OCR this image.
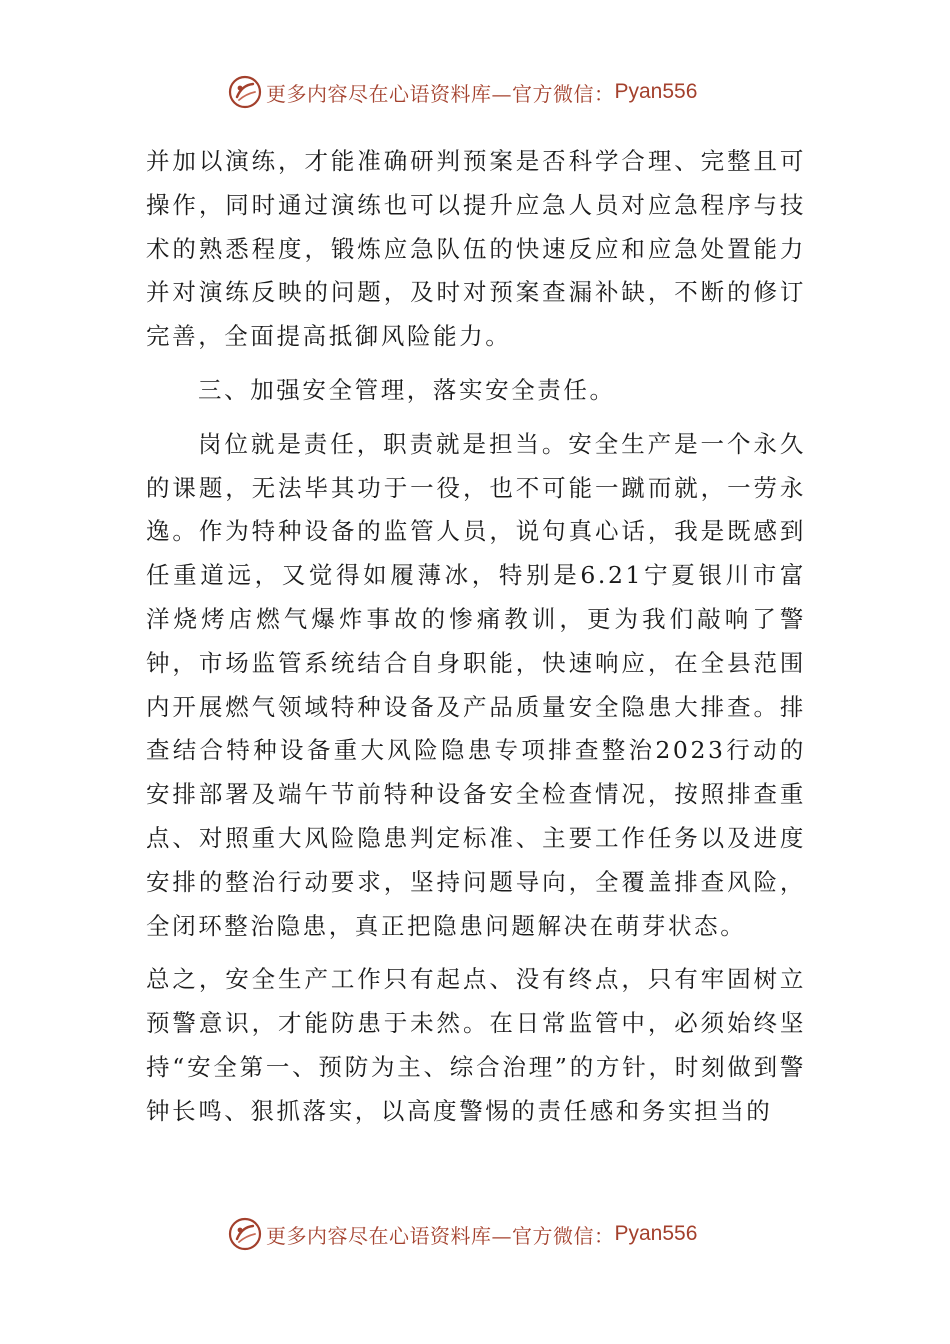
更多内容尽在心语资料库—官方微信： Pyan556

并加以演练，才能准确研判预案是否科学合理、完整且可操作，同时通过演练也可以提升应急人员对应急程序与技术的熟悉程度，锻炼应急队伍的快速反应和应急处置能力并对演练反映的问题，及时对预案查漏补缺，不断的修订完善，全面提高抵御风险能力。

三、加强安全管理，落实安全责任。

岗位就是责任，职责就是担当。安全生产是一个永久的课题，无法毕其功于一役，也不可能一蹴而就，一劳永逸。作为特种设备的监管人员，说句真心话，我是既感到任重道远，又觉得如履薄冰，特别是6.21宁夏银川市富洋烧烤店燃气爆炸事故的惨痛教训，更为我们敲响了警钟，市场监管系统结合自身职能，快速响应，在全县范围内开展燃气领域特种设备及产品质量安全隐患大排查。排查结合特种设备重大风险隐患专项排查整治2023行动的安排部署及端午节前特种设备安全检查情况，按照排查重点、对照重大风险隐患判定标准、主要工作任务以及进度安排的整治行动要求，坚持问题导向，全覆盖排查风险，全闭环整治隐患，真正把隐患问题解决在萌芽状态。

总之，安全生产工作只有起点、没有终点，只有牢固树立预警意识，才能防患于未然。在日常监管中，必须始终坚持“安全第一、预防为主、综合治理”的方针，时刻做到警钟长鸣、狠抓落实，以高度警惕的责任感和务实担当的

更多内容尽在心语资料库—官方微信： Pyan556
